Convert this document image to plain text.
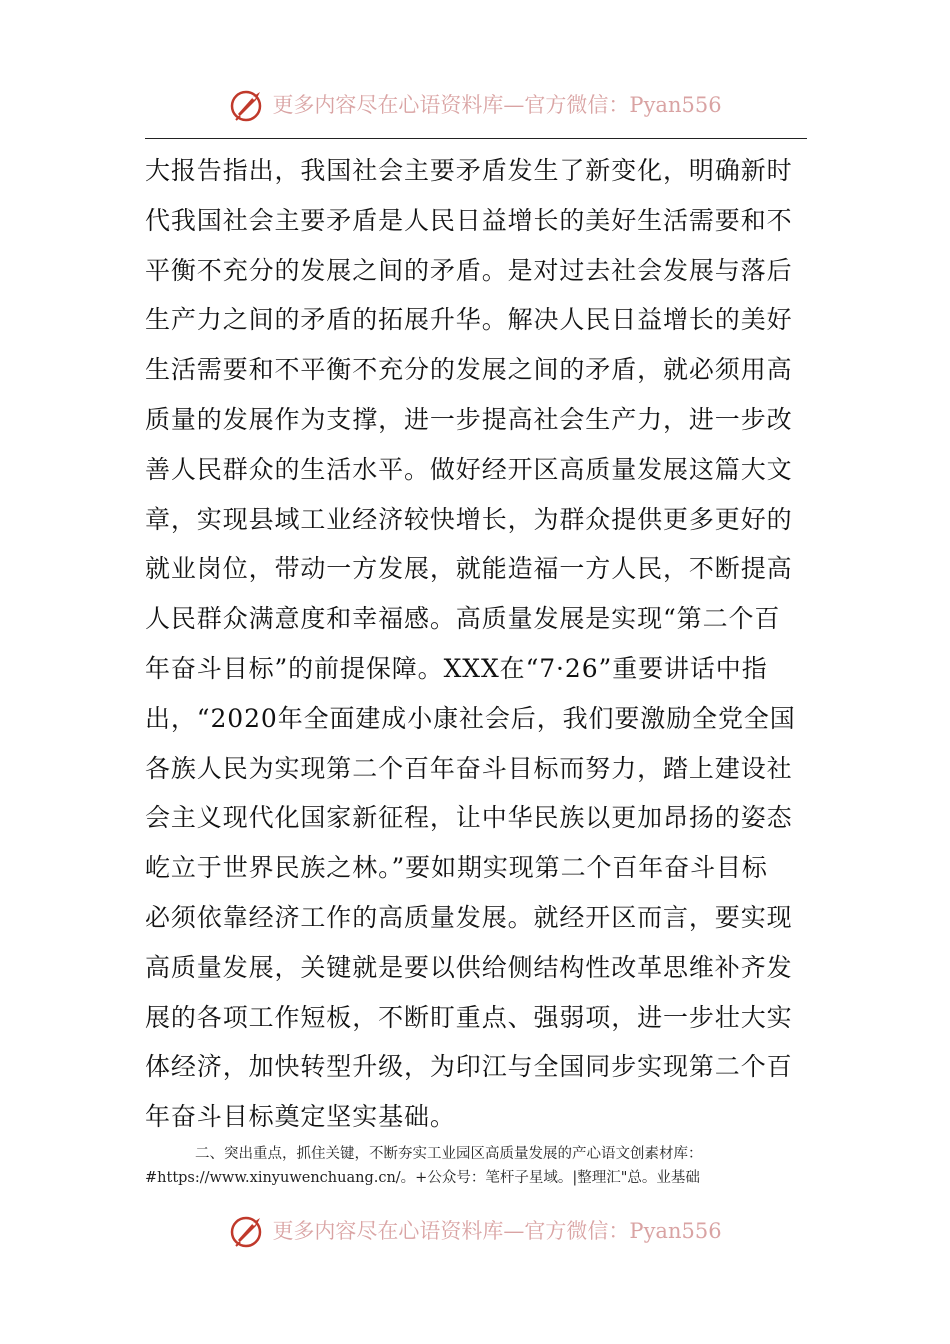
更多内容尽在心语资料库—官方微信：Pyan556
大报告指出，我国社会主要矛盾发生了新变化，明确新时
代我国社会主要矛盾是人民日益增长的美好生活需要和不
平衡不充分的发展之间的矛盾。是对过去社会发展与落后
生产力之间的矛盾的拓展升华。解决人民日益增长的美好
生活需要和不平衡不充分的发展之间的矛盾，就必须用高
质量的发展作为支撑，进一步提高社会生产力，进一步改
善人民群众的生活水平。做好经开区高质量发展这篇大文
章，实现县域工业经济较快增长，为群众提供更多更好的
就业岗位，带动一方发展，就能造福一方人民，不断提高
人民群众满意度和幸福感。高质量发展是实现“第二个百
年奋斗目标”的前提保障。XXX在“7·26”重要讲话中指
出，“2020年全面建成小康社会后，我们要激励全党全国
各族人民为实现第二个百年奋斗目标而努力，踏上建设社
会主义现代化国家新征程，让中华民族以更加昂扬的姿态
屹立于世界民族之林。”要如期实现第二个百年奋斗目标
必须依靠经济工作的高质量发展。就经开区而言，要实现
高质量发展，关键就是要以供给侧结构性改革思维补齐发
展的各项工作短板，不断盯重点、强弱项，进一步壮大实
体经济，加快转型升级，为印江与全国同步实现第二个百
年奋斗目标奠定坚实基础。
二、突出重点，抓住关键，不断夯实工业园区高质量发展的产心语文创素材库：
#https://www.xinyuwenchuang.cn/。+公众号：笔杆子星域。|整理汇"总。业基础
更多内容尽在心语资料库—官方微信：Pyan556
